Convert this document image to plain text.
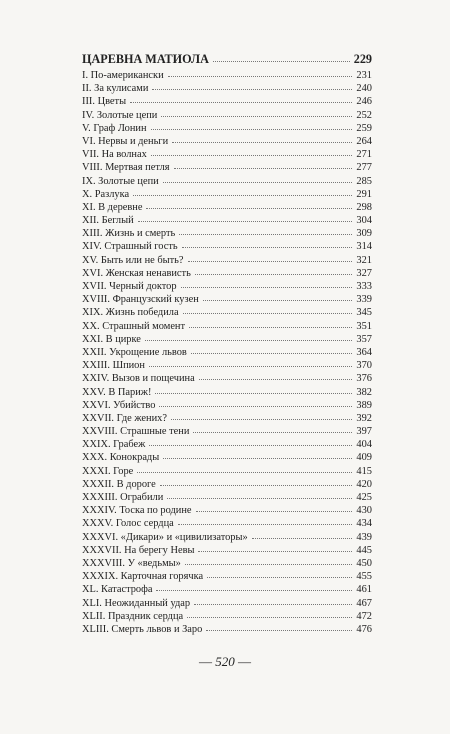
ЦАРЕВНА МАТИОЛА	229
I. По-американски	231
II. За кулисами	240
III. Цветы	246
IV. Золотые цепи	252
V. Граф Лонин	259
VI. Нервы и деньги	264
VII. На волнах	271
VIII. Мертвая петля	277
IX. Золотые цепи	285
X. Разлука	291
XI. В деревне	298
XII. Беглый	304
XIII. Жизнь и смерть	309
XIV. Страшный гость	314
XV. Быть или не быть?	321
XVI. Женская ненависть	327
XVII. Черный доктор	333
XVIII. Французский кузен	339
XIX. Жизнь победила	345
XX. Страшный момент	351
XXI. В цирке	357
XXII. Укрощение львов	364
XXIII. Шпион	370
XXIV. Вызов и пощечина	376
XXV. В Париж!	382
XXVI. Убийство	389
XXVII. Где жених?	392
XXVIII. Страшные тени	397
XXIX. Грабеж	404
XXX. Конокрады	409
XXXI. Горе	415
XXXII. В дороге	420
XXXIII. Ограбили	425
XXXIV. Тоска по родине	430
XXXV. Голос сердца	434
XXXVI. «Дикари» и «цивилизаторы»	439
XXXVII. На берегу Невы	445
XXXVIII. У «ведьмы»	450
XXXIX. Карточная горячка	455
XL. Катастрофа	461
XLI. Неожиданный удар	467
XLII. Праздник сердца	472
XLIII. Смерть львов и Заро	476
— 520 —
